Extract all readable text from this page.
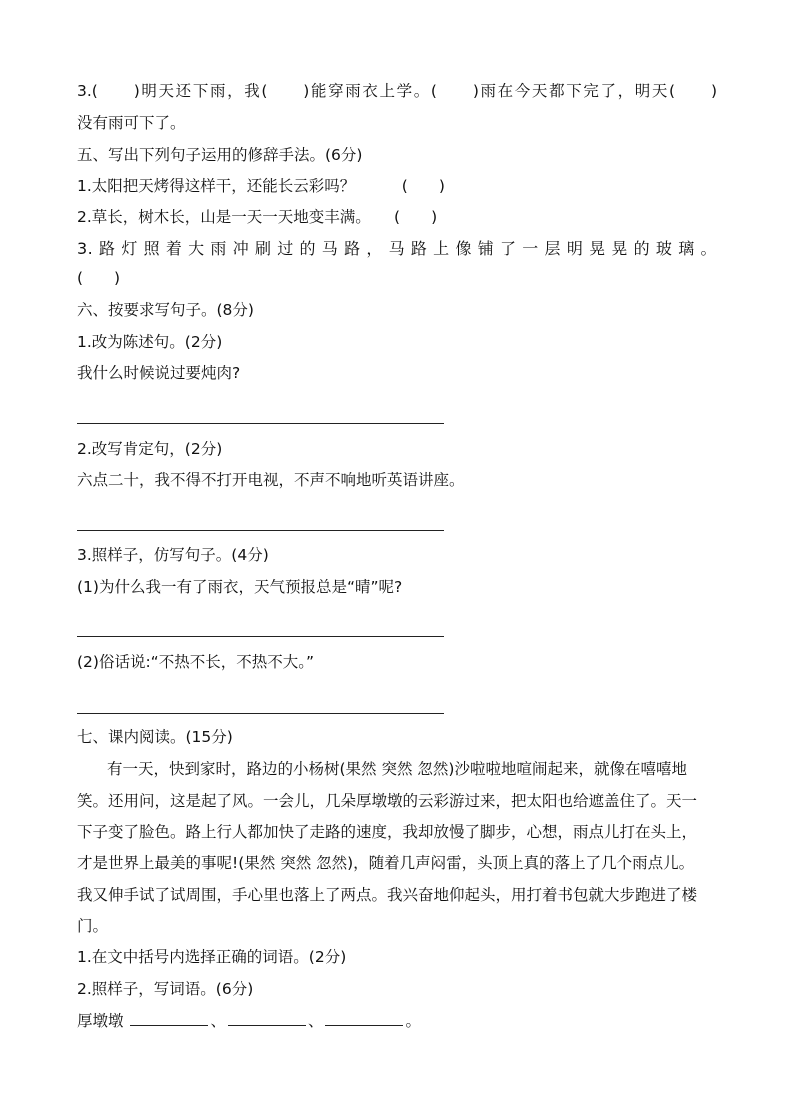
3.(　　)明天还下雨，我(　　)能穿雨衣上学。(　　)雨在今天都下完了，明天(　　)
没有雨可下了。
五、写出下列句子运用的修辞手法。(6分)
1.太阳把天烤得这样干，还能长云彩吗？　　　(　　)
2.草长，树木长，山是一天一天地变丰满。　　(　　)
3.路灯照着大雨冲刷过的马路，马路上像铺了一层明晃晃的玻璃。
(　　)
六、按要求写句子。(8分)
1.改为陈述句。(2分)
我什么时候说过要炖肉?
2.改写肯定句，(2分)
六点二十，我不得不打开电视，不声不响地听英语讲座。
3.照样子，仿写句子。(4分)
(1)为什么我一有了雨衣，天气预报总是“晴”呢?
(2)俗话说:“不热不长，不热不大。”
七、课内阅读。(15分)
有一天，快到家时，路边的小杨树(果然 突然 忽然)沙啦啦地喧闹起来，就像在嘻嘻地
笑。还用问，这是起了风。一会儿，几朵厚墩墩的云彩游过来，把太阳也给遮盖住了。天一
下子变了脸色。路上行人都加快了走路的速度，我却放慢了脚步，心想，雨点儿打在头上，
才是世界上最美的事呢!(果然 突然 忽然)，随着几声闷雷，头顶上真的落上了几个雨点儿。
我又伸手试了试周围，手心里也落上了两点。我兴奋地仰起头，用打着书包就大步跑进了楼
门。
1.在文中括号内选择正确的词语。(2分)
2.照样子，写词语。(6分)
厚墩墩	、	、	。
